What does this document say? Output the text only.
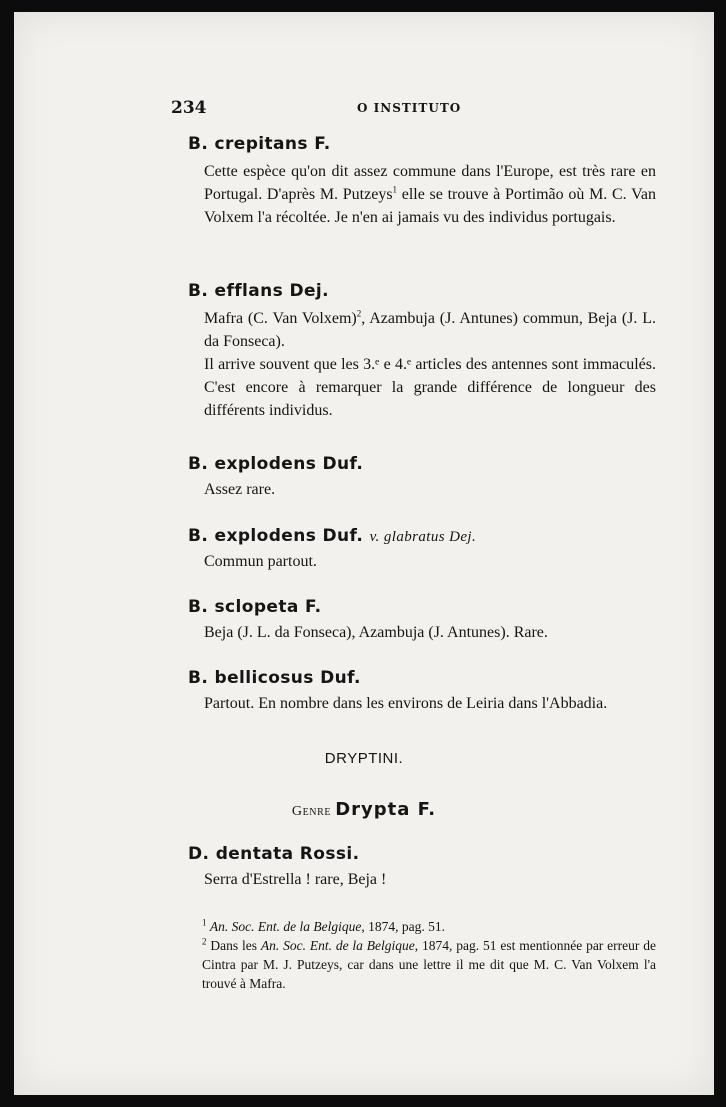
234	O INSTITUTO
B. crepitans F.
Cette espèce qu'on dit assez commune dans l'Europe, est très rare en Portugal. D'après M. Putzeys$^1$ elle se trouve à Portimão où M. C. Van Volxem l'a récoltée. Je n'en ai jamais vu des individus portugais.
B. efflans Dej.
Mafra (C. Van Volxem)$^2$, Azambuja (J. Antunes) commun, Beja (J. L. da Fonseca).
Il arrive souvent que les 3.ᵉ e 4.ᵉ articles des antennes sont immaculés. C'est encore à remarquer la grande différence de longueur des différents individus.
B. explodens Duf.
Assez rare.
B. explodens Duf. v. glabratus Dej.
Commun partout.
B. sclopeta F.
Beja (J. L. da Fonseca), Azambuja (J. Antunes). Rare.
B. bellicosus Duf.
Partout. En nombre dans les environs de Leiria dans l'Abbadia.
DRYPTINI.
Genre Drypta F.
D. dentata Rossi.
Serra d'Estrella ! rare, Beja !
$^1$ An. Soc. Ent. de la Belgique, 1874, pag. 51.
$^2$ Dans les An. Soc. Ent. de la Belgique, 1874, pag. 51 est mentionnée par erreur de Cintra par M. J. Putzeys, car dans une lettre il me dit que M. C. Van Volxem l'a trouvé à Mafra.
